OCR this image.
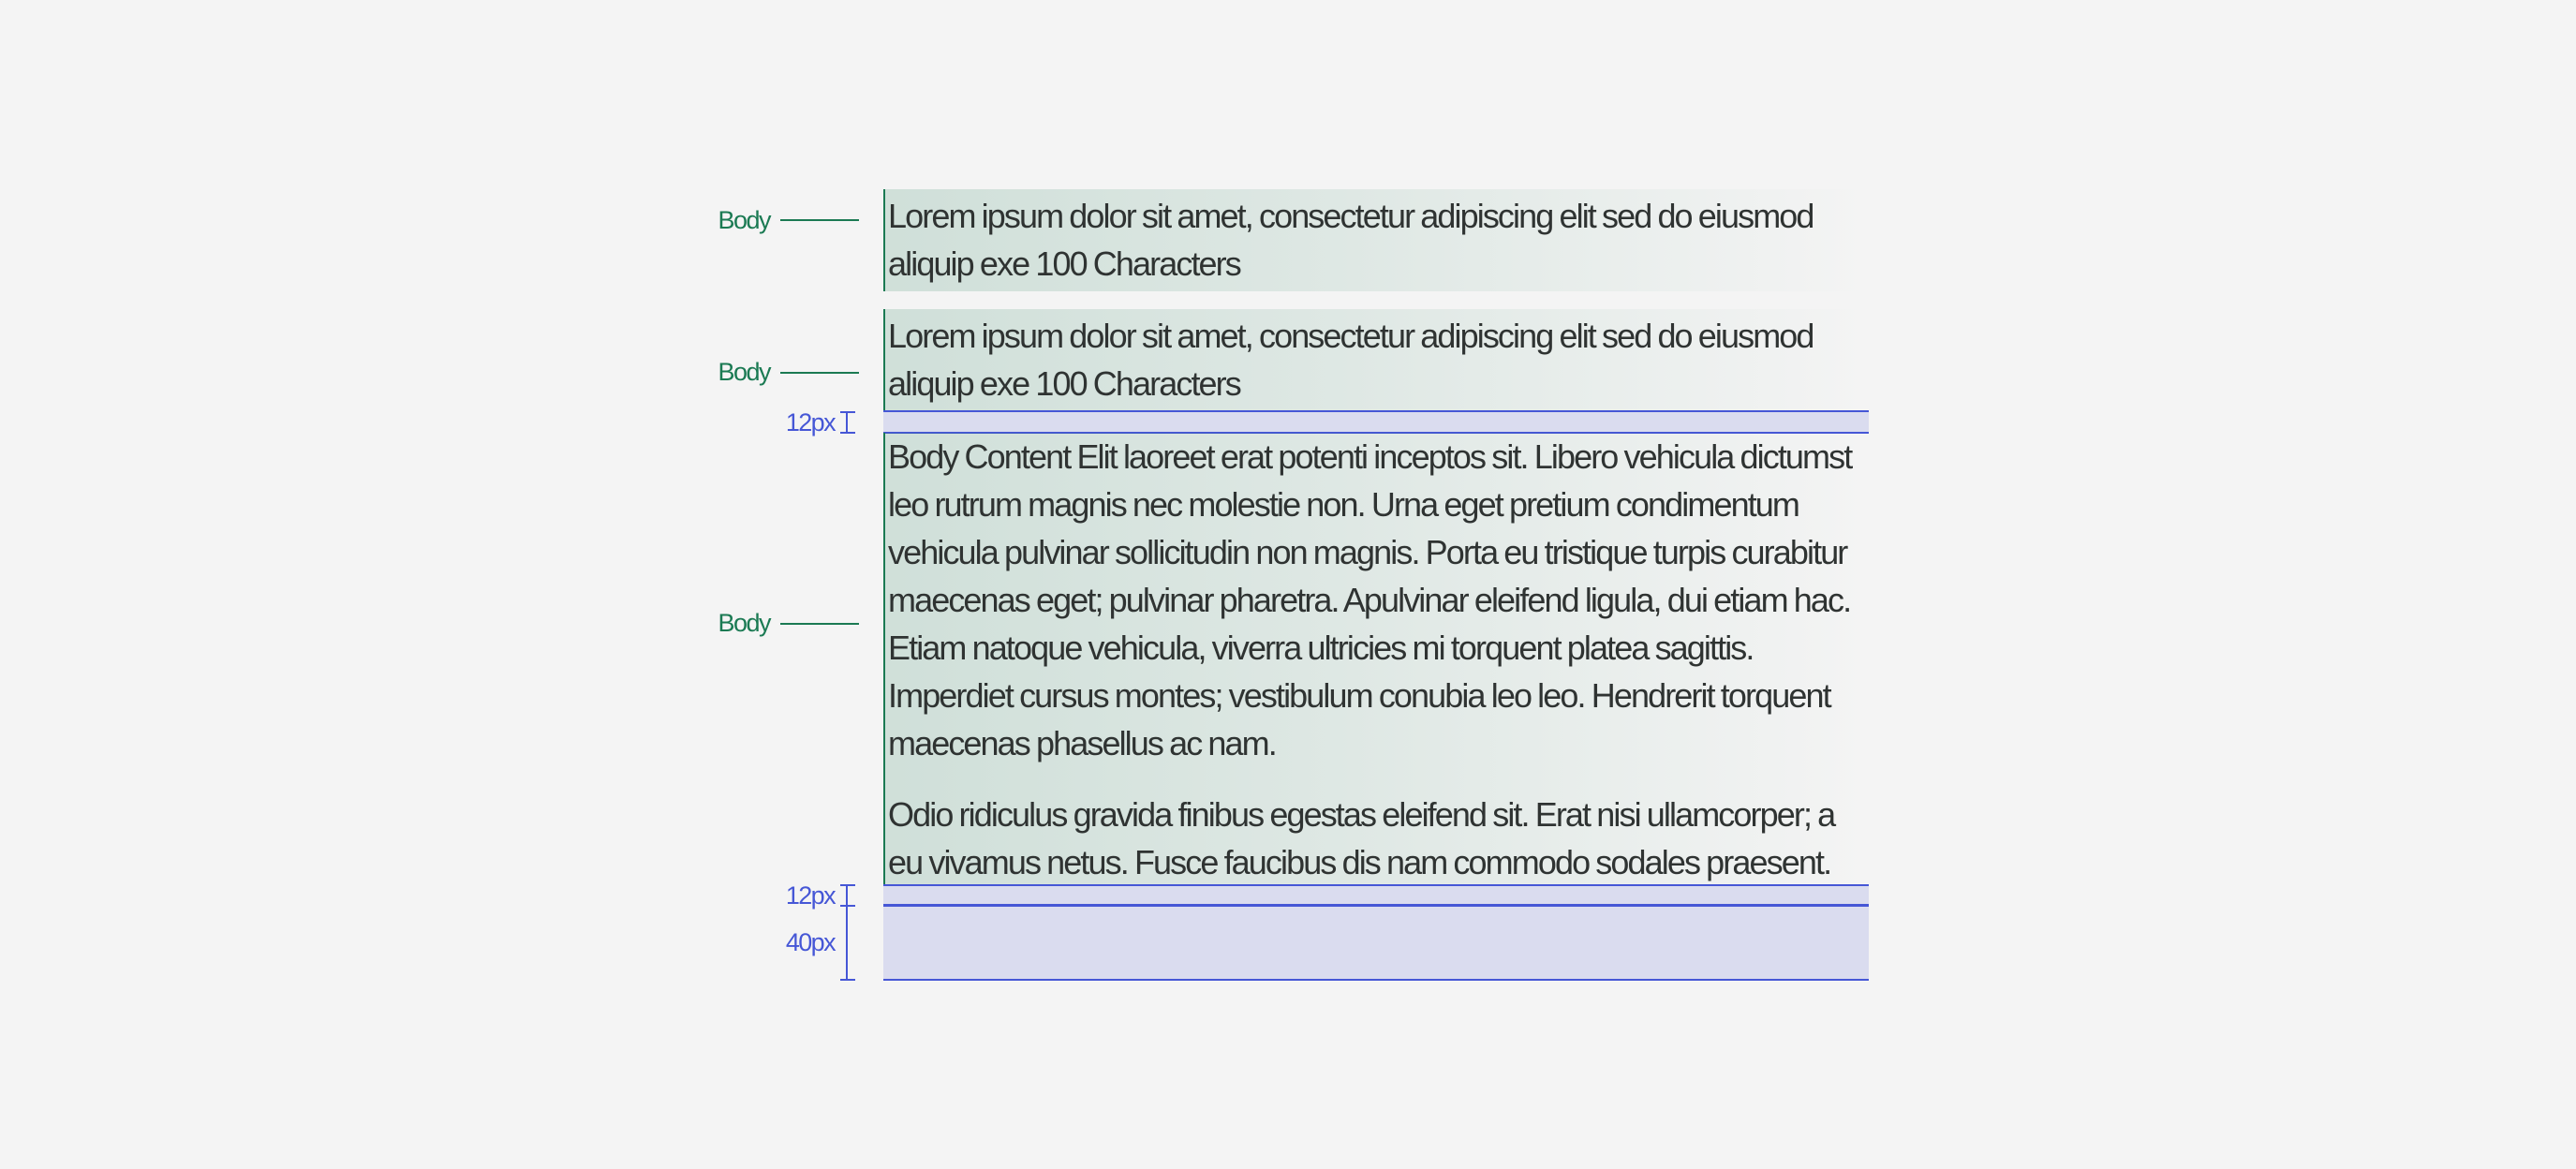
Body	Lorem ipsum dolor sit amet, consectetur adipiscing elit sed do eiusmod
aliquip exe 100 Characters
Body
Lorem ipsum dolor sit amet, consectetur adipiscing elit sed do eiusmod
aliquip exe 100 Characters
12px
Body
Body Content Elit laoreet erat potenti inceptos sit. Libero vehicula dictumst
leo rutrum magnis nec molestie non. Urna eget pretium condimentum
vehicula pulvinar sollicitudin non magnis. Porta eu tristique turpis curabitur
maecenas eget; pulvinar pharetra. Apulvinar eleifend ligula, dui etiam hac.
Etiam natoque vehicula, viverra ultricies mi torquent platea sagittis.
Imperdiet cursus montes; vestibulum conubia leo leo. Hendrerit torquent
maecenas phasellus ac nam.
Odio ridiculus gravida finibus egestas eleifend sit. Erat nisi ullamcorper; a
eu vivamus netus. Fusce faucibus dis nam commodo sodales praesent.
12px
40px
